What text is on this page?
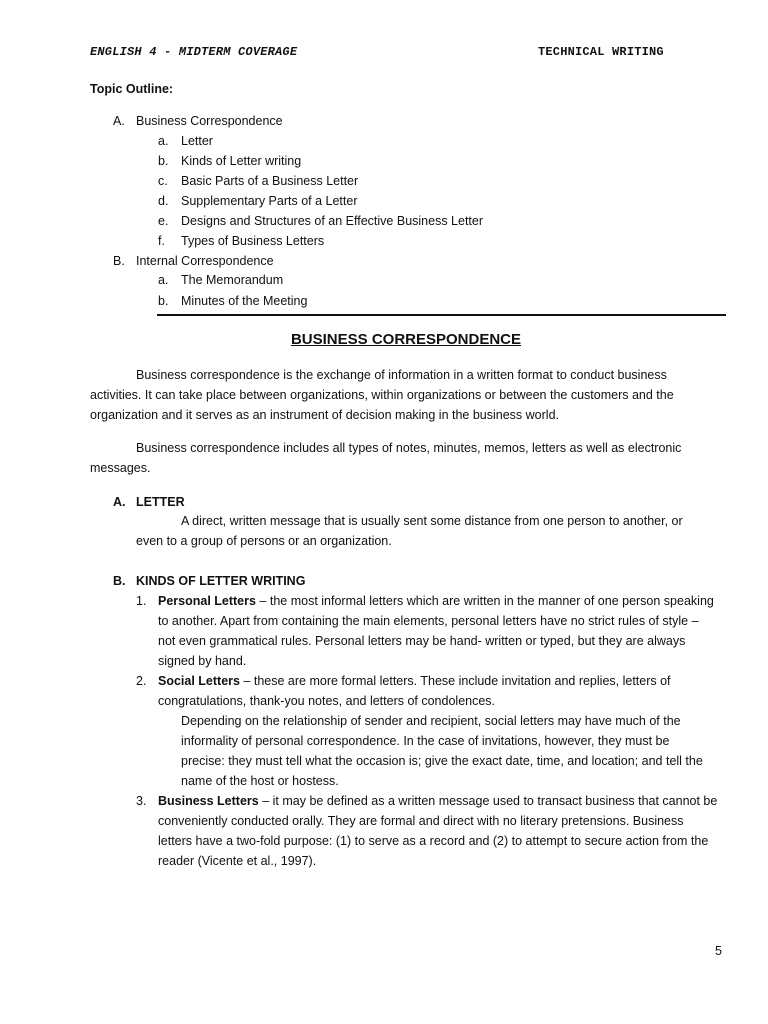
ENGLISH 4 - MIDTERM COVERAGE	TECHNICAL WRITING
Topic Outline:
A. Business Correspondence
a. Letter
b. Kinds of Letter writing
c. Basic Parts of a Business Letter
d. Supplementary Parts of a Letter
e. Designs and Structures of an Effective Business Letter
f. Types of Business Letters
B. Internal Correspondence
a. The Memorandum
b. Minutes of the Meeting
BUSINESS CORRESPONDENCE
Business correspondence is the exchange of information in a written format to conduct business
activities. It can take place between organizations, within organizations or between the customers and the
organization and it serves as an instrument of decision making in the business world.
Business correspondence includes all types of notes, minutes, memos, letters as well as electronic
messages.
A. LETTER
A direct, written message that is usually sent some distance from one person to another, or
even to a group of persons or an organization.
B. KINDS OF LETTER WRITING
1. Personal Letters – the most informal letters which are written in the manner of one person speaking
to another. Apart from containing the main elements, personal letters have no strict rules of style –
not even grammatical rules. Personal letters may be hand- written or typed, but they are always
signed by hand.
2. Social Letters – these are more formal letters. These include invitation and replies, letters of
congratulations, thank-you notes, and letters of condolences.
Depending on the relationship of sender and recipient, social letters may have much of the
informality of personal correspondence. In the case of invitations, however, they must be
precise: they must tell what the occasion is; give the exact date, time, and location; and tell the
name of the host or hostess.
3. Business Letters – it may be defined as a written message used to transact business that cannot be
conveniently conducted orally. They are formal and direct with no literary pretensions. Business
letters have a two-fold purpose: (1) to serve as a record and (2) to attempt to secure action from the
reader (Vicente et al., 1997).
5
